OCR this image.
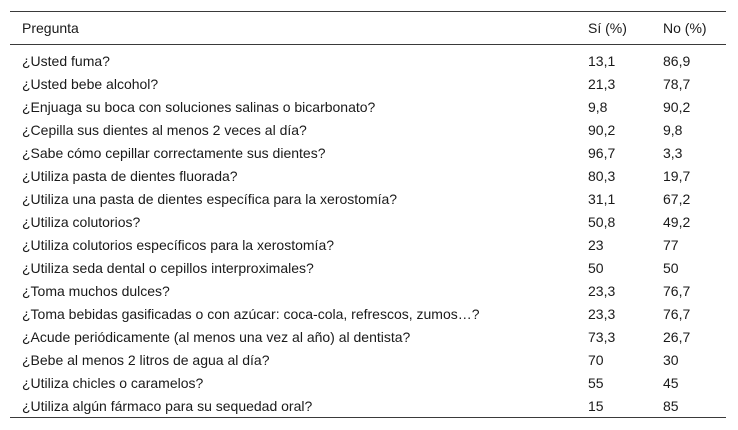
Pregunta	Sí (%)	No (%)
¿Usted fuma?	13,1	86,9
¿Usted bebe alcohol?	21,3	78,7
¿Enjuaga su boca con soluciones salinas o bicarbonato?	9,8	90,2
¿Cepilla sus dientes al menos 2 veces al día?	90,2	9,8
¿Sabe cómo cepillar correctamente sus dientes?	96,7	3,3
¿Utiliza pasta de dientes fluorada?	80,3	19,7
¿Utiliza una pasta de dientes específica para la xerostomía?	31,1	67,2
¿Utiliza colutorios?	50,8	49,2
¿Utiliza colutorios específicos para la xerostomía?	23	77
¿Utiliza seda dental o cepillos interproximales?	50	50
¿Toma muchos dulces?	23,3	76,7
¿Toma bebidas gasificadas o con azúcar: coca-cola, refrescos, zumos…?	23,3	76,7
¿Acude periódicamente (al menos una vez al año) al dentista?	73,3	26,7
¿Bebe al menos 2 litros de agua al día?	70	30
¿Utiliza chicles o caramelos?	55	45
¿Utiliza algún fármaco para su sequedad oral?	15	85
